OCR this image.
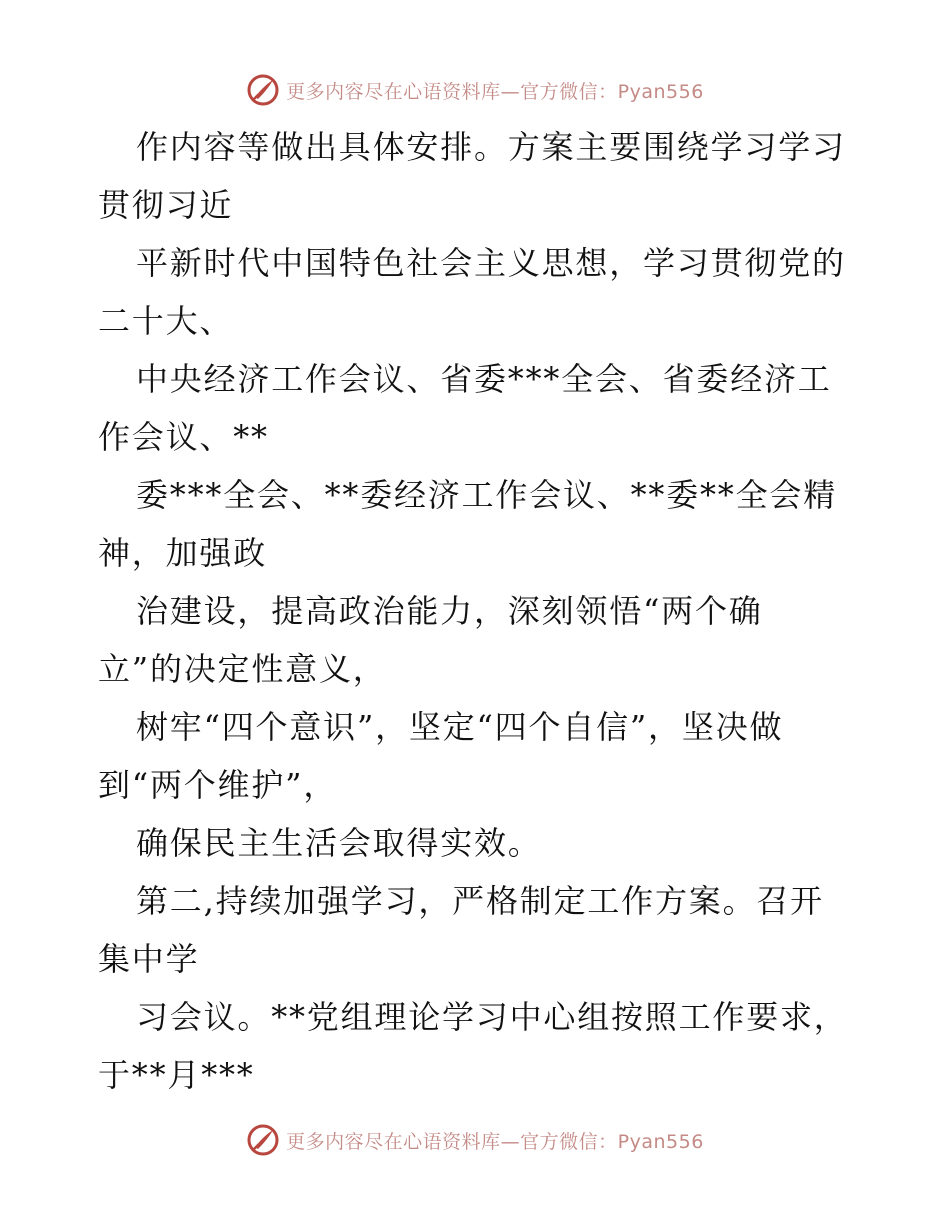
更多内容尽在心语资料库—官方微信：Pyan556
作内容等做出具体安排。方案主要围绕学习学习
贯彻习近
平新时代中国特色社会主义思想，学习贯彻党的
二十大、
中央经济工作会议、省委***全会、省委经济工
作会议、**
委***全会、**委经济工作会议、**委**全会精
神，加强政
治建设，提高政治能力，深刻领悟“两个确
立”的决定性意义，
树牢“四个意识”，坚定“四个自信”，坚决做
到“两个维护”，
确保民主生活会取得实效。
第二,持续加强学习，严格制定工作方案。召开
集中学
习会议。**党组理论学习中心组按照工作要求，
于**月***
更多内容尽在心语资料库—官方微信：Pyan556
